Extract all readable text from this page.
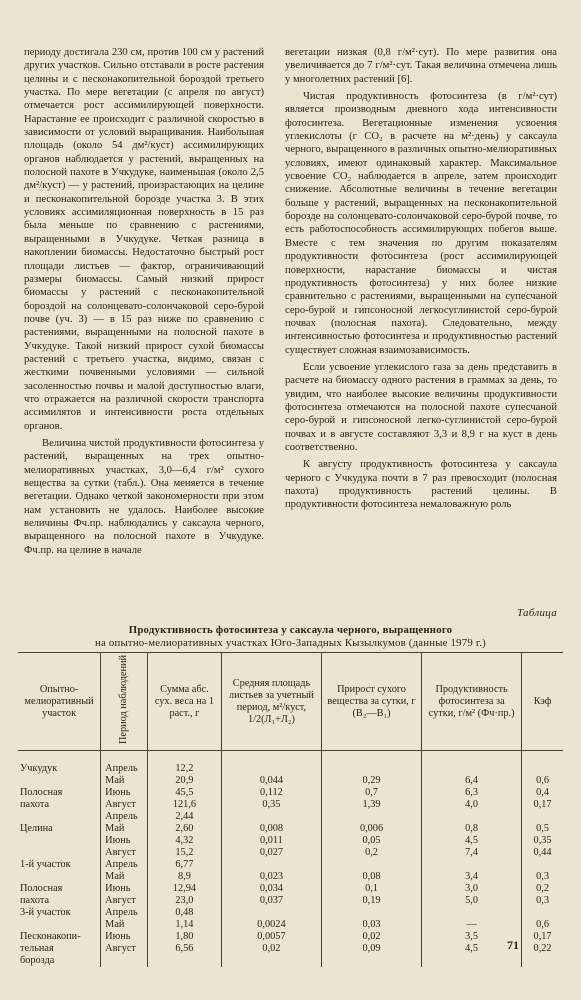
периоду достигала 230 см, против 100 см у растений других участков. Сильно отставали в росте растения целины и с песконакопительной бороздой третьего участка. По мере вегетации (с апреля по август) отмечается рост ассимилирующей поверхности. Нарастание ее происходит с различной скоростью в зависимости от условий выращивания. Наибольшая площадь (около 54 дм²/куст) ассимилирующих органов наблюдается у растений, выращенных на полосной пахоте в Учкудуке, наименьшая (около 2,5 дм²/куст) — у растений, произрастающих на целине и песконакопительной борозде участка 3. В этих условиях ассимиляционная поверхность в 15 раз была меньше по сравнению с растениями, выращенными в Учкудуке. Четкая разница в накоплении биомассы. Недостаточно быстрый рост площади листьев — фактор, ограничивающий размеры биомассы. Самый низкий прирост биомассы у растений с песконакопительной бороздой на солонцевато-солончаковой серо-бурой почве (уч. 3) — в 15 раз ниже по сравнению с растениями, выращенными на полосной пахоте в Учкудуке. Такой низкий прирост сухой биомассы растений с третьего участка, видимо, связан с жесткими почвенными условиями — сильной засоленностью почвы и малой доступностью влаги, что отражается на различной скорости транспорта ассимилятов и интенсивности роста отдельных органов.

Величина чистой продуктивности фотосинтеза у растений, выращенных на трех опытно-мелиоративных участках, 3,0—6,4 г/м² сухого вещества за сутки (табл.). Она меняется в течение вегетации. Однако четкой закономерности при этом нам установить не удалось. Наиболее высокие величины Фч.пр. наблюдались у саксаула черного, выращенного на полосной пахоте в Учкудуке. Фч.пр. на целине в начале

вегетации низкая (0,8 г/м²·сут). По мере развития она увеличивается до 7 г/м²·сут. Такая величина отмечена лишь у многолетних растений [6].

Чистая продуктивность фотосинтеза (в г/м²·сут) является производным дневного хода интенсивности фотосинтеза. Вегетационные изменения усвоения углекислоты (г CO₂ в расчете на м²·день) у саксаула черного, выращенного в различных опытно-мелиоративных условиях, имеют одинаковый характер. Максимальное усвоение CO₂ наблюдается в апреле, затем происходит снижение. Абсолютные величины в течение вегетации больше у растений, выращенных на песконакопительной борозде на солонцевато-солончаковой серо-бурой почве, то есть работоспособность ассимилирующих побегов выше. Вместе с тем значения по другим показателям продуктивности фотосинтеза (рост ассимилирующей поверхности, нарастание биомассы и чистая продуктивность фотосинтеза) у них более низкие сравнительно с растениями, выращенными на супесчаной серо-бурой и гипсоносной легкосуглинистой серо-бурой почвах (полосная пахота). Следовательно, между интенсивностью фотосинтеза и продуктивностью растений существует сложная взаимозависимость.

Если усвоение углекислого газа за день представить в расчете на биомассу одного растения в граммах за день, то увидим, что наиболее высокие величины продуктивности фотосинтеза отмечаются на полосной пахоте супесчаной серо-бурой и гипсоносной легко-суглинистой серо-бурой почвах и в августе составляют 3,3 и 8,9 г на куст в день соответственно.

К августу продуктивность фотосинтеза у саксаула черного с Учкудука почти в 7 раз превосходит (полосная пахота) продуктивность растений целины. В продуктивности фотосинтеза немаловажную роль

Таблица
Продуктивность фотосинтеза у саксаула черного, выращенного
на опытно-мелиоративных участках Юго-Западных Кызылкумов (данные 1979 г.)
Опытно-мелиоративный участок	Период наблюдений	Сумма абс. сух. веса на 1 раст., г	Средняя площадь листьев за учетный период, м²/куст, 1/2(Л₁+Л₂)	Прирост сухого вещества за сутки, г (В₂—В₁)	Продуктивность фотосинтеза за сутки, г/м² (Фч·пр.)	Кэф

Учкудук	Апрель	12,2				
	Май	20,9	0,044	0,29	6,4	0,6
Полосная	Июнь	45,5	0,112	0,7	6,3	0,4
пахота	Август	121,6	0,35	1,39	4,0	0,17
	Апрель	2,44				
Целина	Май	2,60	0,008	0,006	0,8	0,5
	Июнь	4,32	0,011	0,05	4,5	0,35
	Август	15,2	0,027	0,2	7,4	0,44
1-й участок	Апрель	6,77				
	Май	8,9	0,023	0,08	3,4	0,3
Полосная	Июнь	12,94	0,034	0,1	3,0	0,2
пахота	Август	23,0	0,037	0,19	5,0	0,3
3-й участок	Апрель	0,48				
	Май	1,14	0,0024	0,03	—	0,6
Песконакопи-	Июнь	1,80	0,0057	0,02	3,5	0,17
тельная	Август	6,56	0,02	0,09	4,5	0,22
борозда						
71
